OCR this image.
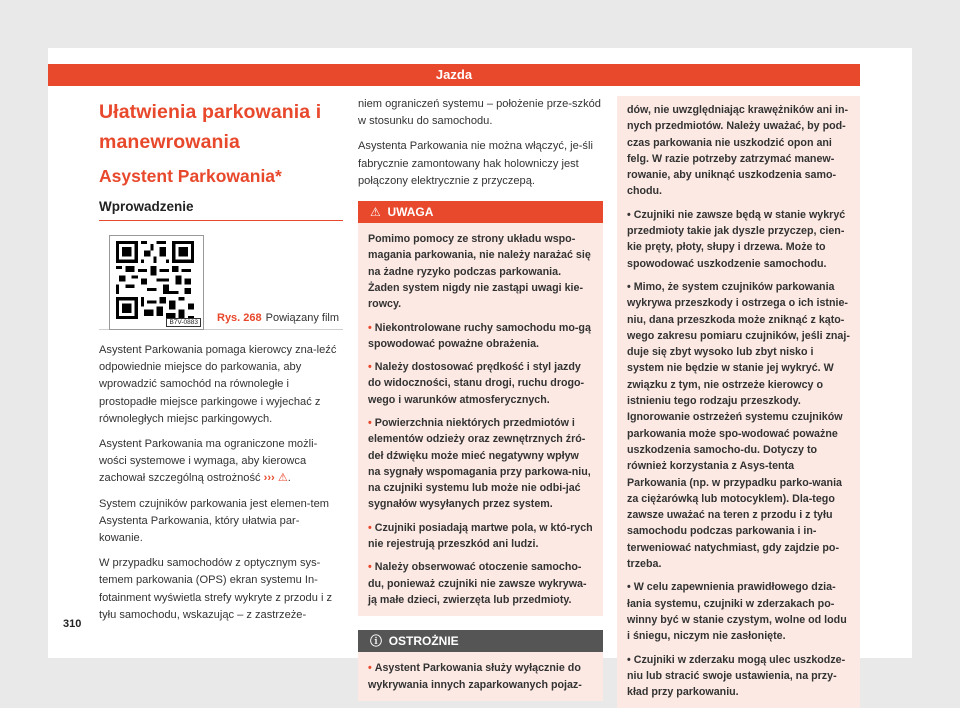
Jazda
Ułatwienia parkowania i
manewrowania
Asystent Parkowania*
Wprowadzenie
B7V-0883 Rys. 268 Powiązany film

Asystent Parkowania pomaga kierowcy zna-leźć odpowiednie miejsce do parkowania, aby wprowadzić samochód na równoległe i prostopadłe miejsce parkingowe i wyjechać z równoległych miejsc parkingowych.

Asystent Parkowania ma ograniczone możli-wości systemowe i wymaga, aby kierowca zachował szczególną ostrożność ››› ⚠.

System czujników parkowania jest elemen-tem Asystenta Parkowania, który ułatwia par-kowanie.

W przypadku samochodów z optycznym sys-temem parkowania (OPS) ekran systemu In-fotainment wyświetla strefy wykryte z przodu i z tyłu samochodu, wskazując – z zastrzeże-

niem ograniczeń systemu – położenie prze-szkód w stosunku do samochodu.

Asystenta Parkowania nie można włączyć, je-śli fabrycznie zamontowany hak holowniczy jest połączony elektrycznie z przyczepą.

⚠ UWAGA

Pomimo pomocy ze strony układu wspo-magania parkowania, nie należy narażać się na żadne ryzyko podczas parkowania. Żaden system nigdy nie zastąpi uwagi kie-rowcy.

• Niekontrolowane ruchy samochodu mo-gą spowodować poważne obrażenia.

• Należy dostosować prędkość i styl jazdy do widoczności, stanu drogi, ruchu drogo-wego i warunków atmosferycznych.

• Powierzchnia niektórych przedmiotów i elementów odzieży oraz zewnętrznych źró-deł dźwięku może mieć negatywny wpływ na sygnały wspomagania przy parkowa-niu, na czujniki systemu lub może nie odbi-jać sygnałów wysyłanych przez system.

• Czujniki posiadają martwe pola, w któ-rych nie rejestrują przeszkód ani ludzi.

• Należy obserwować otoczenie samocho-du, ponieważ czujniki nie zawsze wykrywa-ją małe dzieci, zwierzęta lub przedmioty.

ⓘ OSTROŻNIE

• Asystent Parkowania służy wyłącznie do wykrywania innych zaparkowanych pojaz-

dów, nie uwzględniając krawężników ani in-nych przedmiotów. Należy uważać, by pod-czas parkowania nie uszkodzić opon ani felg. W razie potrzeby zatrzymać manew-rowanie, aby uniknąć uszkodzenia samo-chodu.

• Czujniki nie zawsze będą w stanie wykryć przedmioty takie jak dyszle przyczep, cien-kie pręty, płoty, słupy i drzewa. Może to spowodować uszkodzenie samochodu.

• Mimo, że system czujników parkowania wykrywa przeszkody i ostrzega o ich istnie-niu, dana przeszkoda może zniknąć z kąto-wego zakresu pomiaru czujników, jeśli znaj-duje się zbyt wysoko lub zbyt nisko i system nie będzie w stanie jej wykryć. W związku z tym, nie ostrzeże kierowcy o istnieniu tego rodzaju przeszkody. Ignorowanie ostrzeżeń systemu czujników parkowania może spo-wodować poważne uszkodzenia samocho-du. Dotyczy to również korzystania z Asys-tenta Parkowania (np. w przypadku parko-wania za ciężarówką lub motocyklem). Dla-tego zawsze uważać na teren z przodu i z tyłu samochodu podczas parkowania i in-terweniować natychmiast, gdy zajdzie po-trzeba.

• W celu zapewnienia prawidłowego dzia-łania systemu, czujniki w zderzakach po-winny być w stanie czystym, wolne od lodu i śniegu, niczym nie zasłonięte.

• Czujniki w zderzaku mogą ulec uszkodze-niu lub stracić swoje ustawienia, na przy-kład przy parkowaniu.

310
